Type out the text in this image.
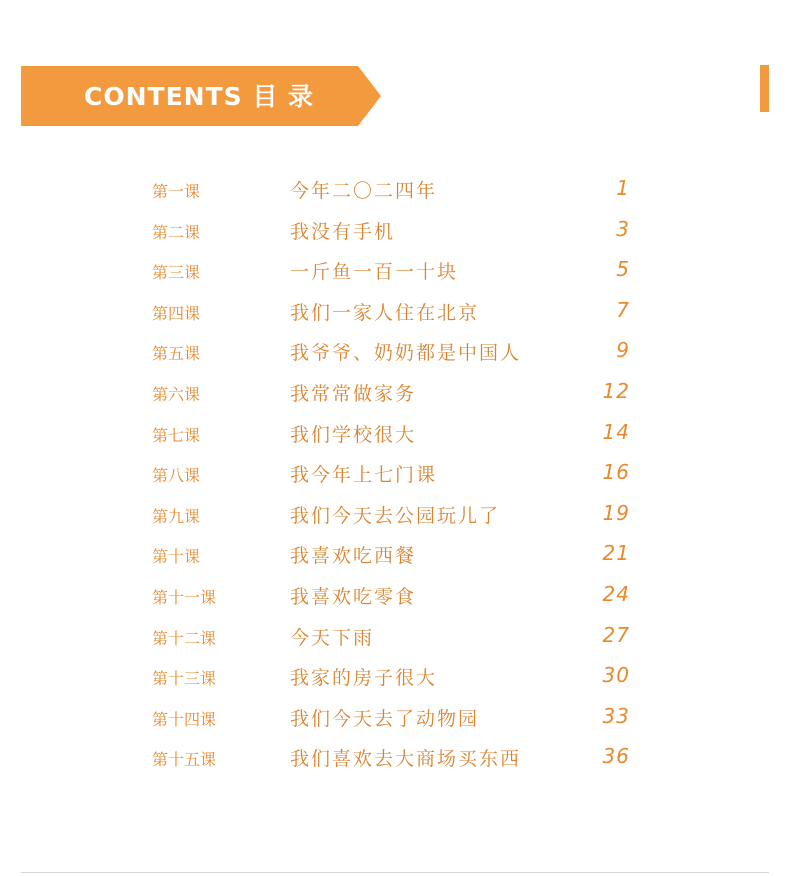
CONTENTS 目 录
第一课	今年二〇二四年	1
第二课	我没有手机	3
第三课	一斤鱼一百一十块	5
第四课	我们一家人住在北京	7
第五课	我爷爷、奶奶都是中国人	9
第六课	我常常做家务	12
第七课	我们学校很大	14
第八课	我今年上七门课	16
第九课	我们今天去公园玩儿了	19
第十课	我喜欢吃西餐	21
第十一课	我喜欢吃零食	24
第十二课	今天下雨	27
第十三课	我家的房子很大	30
第十四课	我们今天去了动物园	33
第十五课	我们喜欢去大商场买东西	36
